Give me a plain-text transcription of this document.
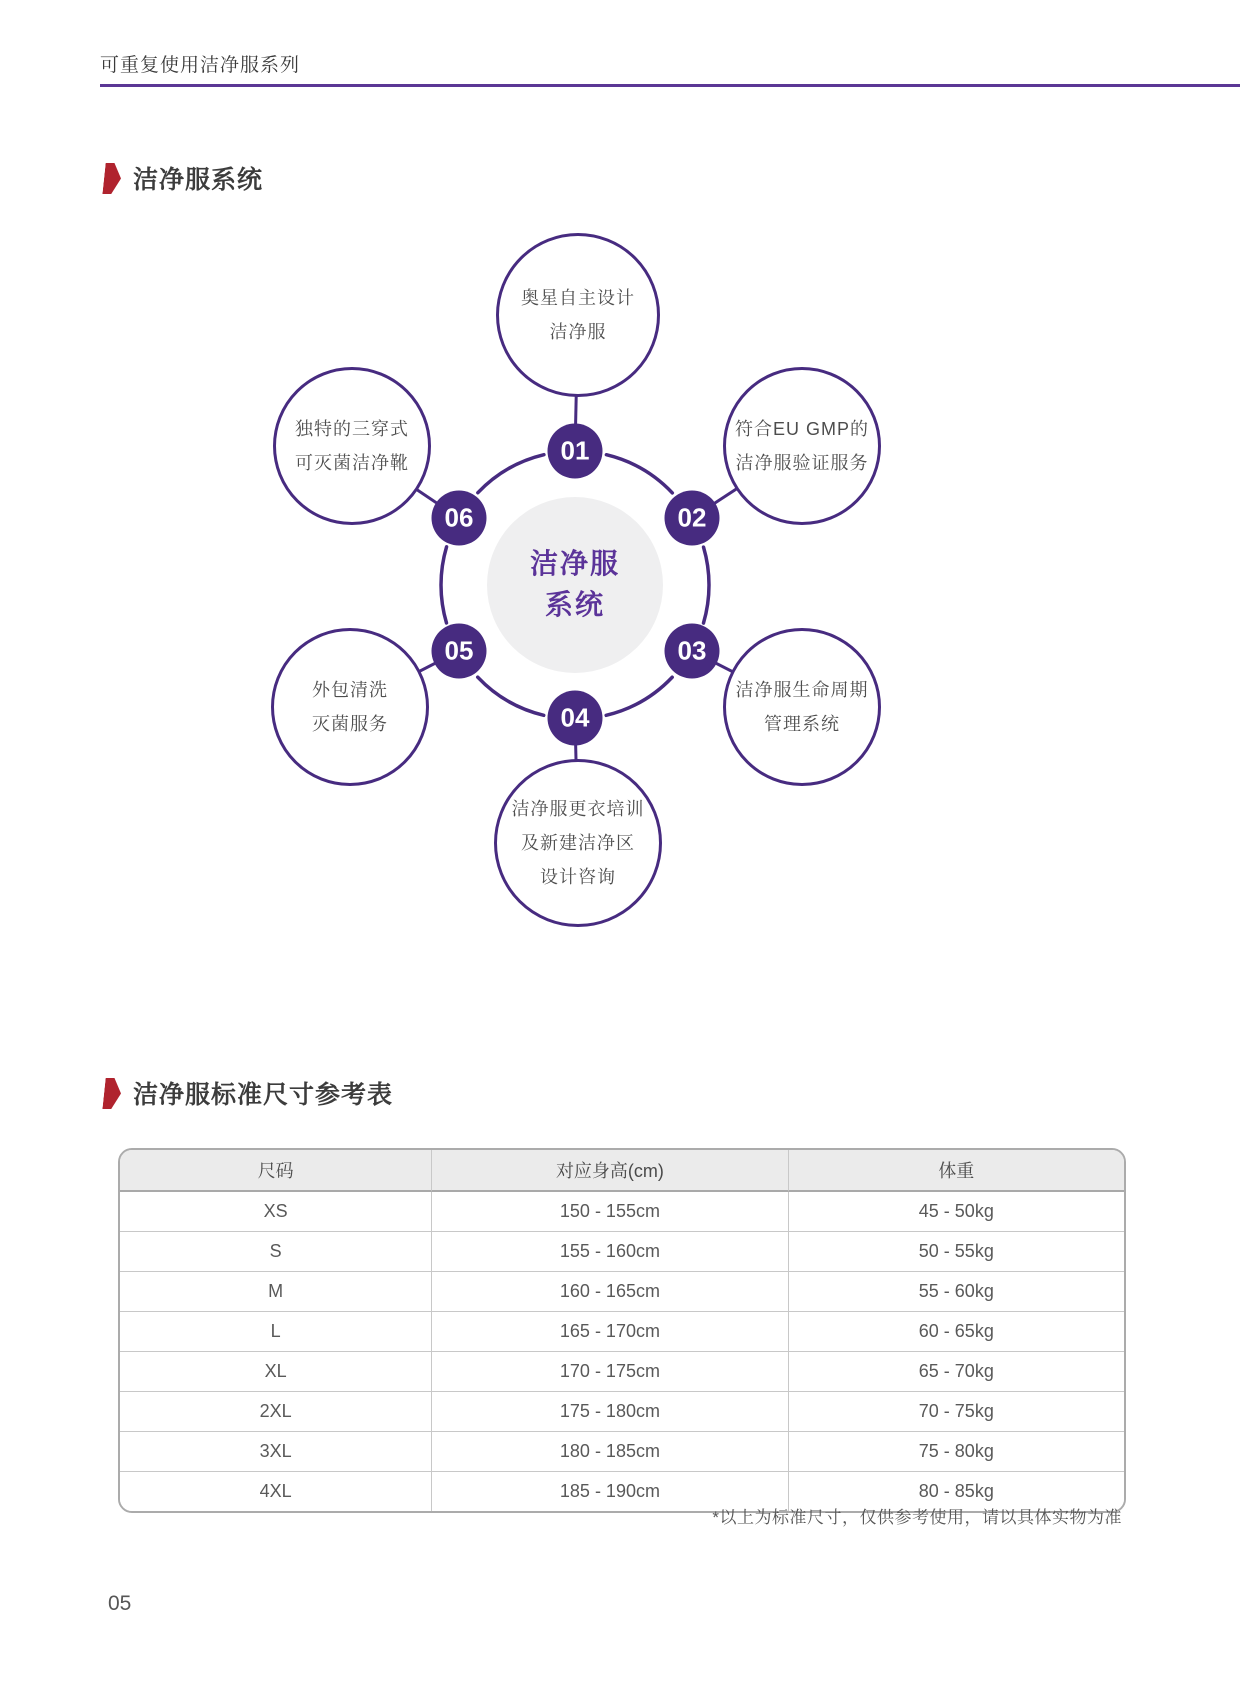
可重复使用洁净服系列
洁净服系统
洁净服
系统
01
02
03
04
05
06
奥星自主设计
洁净服
符合EU GMP的
洁净服验证服务
洁净服生命周期
管理系统
洁净服更衣培训
及新建洁净区
设计咨询
外包清洗
灭菌服务
独特的三穿式
可灭菌洁净靴
洁净服标准尺寸参考表
尺码	对应身高(cm)	体重
XS	150 - 155cm	45 - 50kg
S	155 - 160cm	50 - 55kg
M	160 - 165cm	55 - 60kg
L	165 - 170cm	60 - 65kg
XL	170 - 175cm	65 - 70kg
2XL	175 - 180cm	70 - 75kg
3XL	180 - 185cm	75 - 80kg
4XL	185 - 190cm	80 - 85kg
*以上为标准尺寸，仅供参考使用，请以具体实物为准
05
